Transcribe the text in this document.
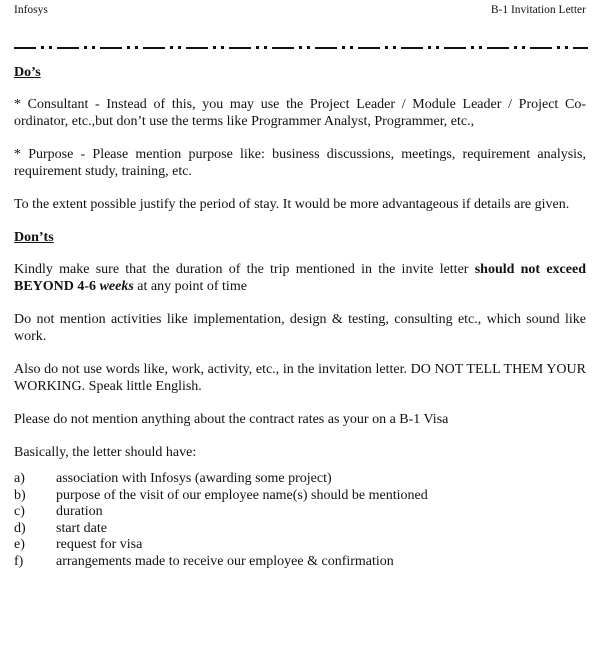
Infosys	B-1 Invitation Letter
Do’s

* Consultant - Instead of this, you may use the Project Leader / Module Leader / Project Co-ordinator, etc.,but don’t use the terms like Programmer Analyst, Programmer, etc.,

* Purpose - Please mention purpose like: business discussions, meetings, requirement analysis, requirement study, training, etc.

To the extent possible justify the period of stay. It would be more advantageous if details are given.

Don’ts

Kindly make sure that the duration of the trip mentioned in the invite letter should not exceed BEYOND 4-6 weeks at any point of time

Do not mention activities like implementation, design & testing, consulting etc., which sound like work.

Also do not use words like, work, activity, etc., in the invitation letter. DO NOT TELL THEM YOUR WORKING. Speak little English.

Please do not mention anything about the contract rates as your on a B-1 Visa

Basically, the letter should have:

a)	association with Infosys (awarding some project)
b)	purpose of the visit of our employee name(s) should be mentioned
c)	duration
d)	start date
e)	request for visa
f)	arrangements made to receive our employee & confirmation
